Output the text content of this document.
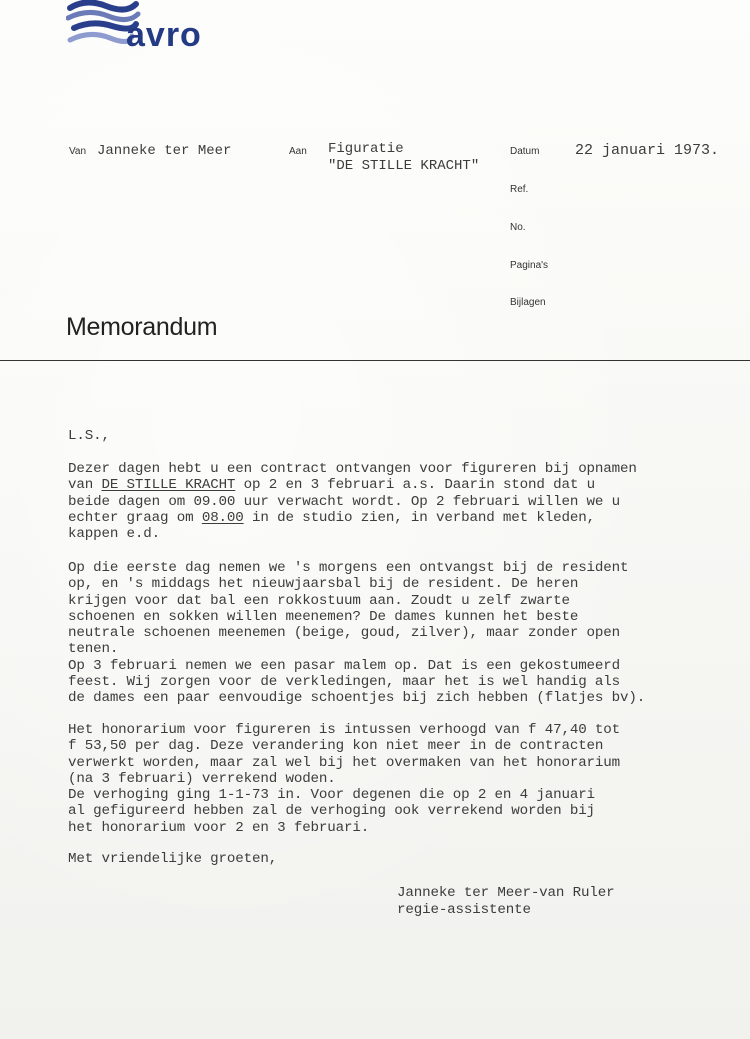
avro
Van Janneke ter Meer	Aan Figuratie
"DE STILLE KRACHT"
Datum 22 januari 1973.
Ref.
No.
Pagina's
Bijlagen
Memorandum
L.S.,
Dezer dagen hebt u een contract ontvangen voor figureren bij opnamen
van DE STILLE KRACHT op 2 en 3 februari a.s. Daarin stond dat u
beide dagen om 09.00 uur verwacht wordt. Op 2 februari willen we u
echter graag om 08.00 in de studio zien, in verband met kleden,
kappen e.d.
Op die eerste dag nemen we 's morgens een ontvangst bij de resident
op, en 's middags het nieuwjaarsbal bij de resident. De heren
krijgen voor dat bal een rokkostuum aan. Zoudt u zelf zwarte
schoenen en sokken willen meenemen? De dames kunnen het beste
neutrale schoenen meenemen (beige, goud, zilver), maar zonder open
tenen.
Op 3 februari nemen we een pasar malem op. Dat is een gekostumeerd
feest. Wij zorgen voor de verkledingen, maar het is wel handig als
de dames een paar eenvoudige schoentjes bij zich hebben (flatjes bv).
Het honorarium voor figureren is intussen verhoogd van f 47,40 tot
f 53,50 per dag. Deze verandering kon niet meer in de contracten
verwerkt worden, maar zal wel bij het overmaken van het honorarium
(na 3 februari) verrekend woden.
De verhoging ging 1-1-73 in. Voor degenen die op 2 en 4 januari
al gefigureerd hebben zal de verhoging ook verrekend worden bij
het honorarium voor 2 en 3 februari.
Met vriendelijke groeten,
Janneke ter Meer-van Ruler
regie-assistente
